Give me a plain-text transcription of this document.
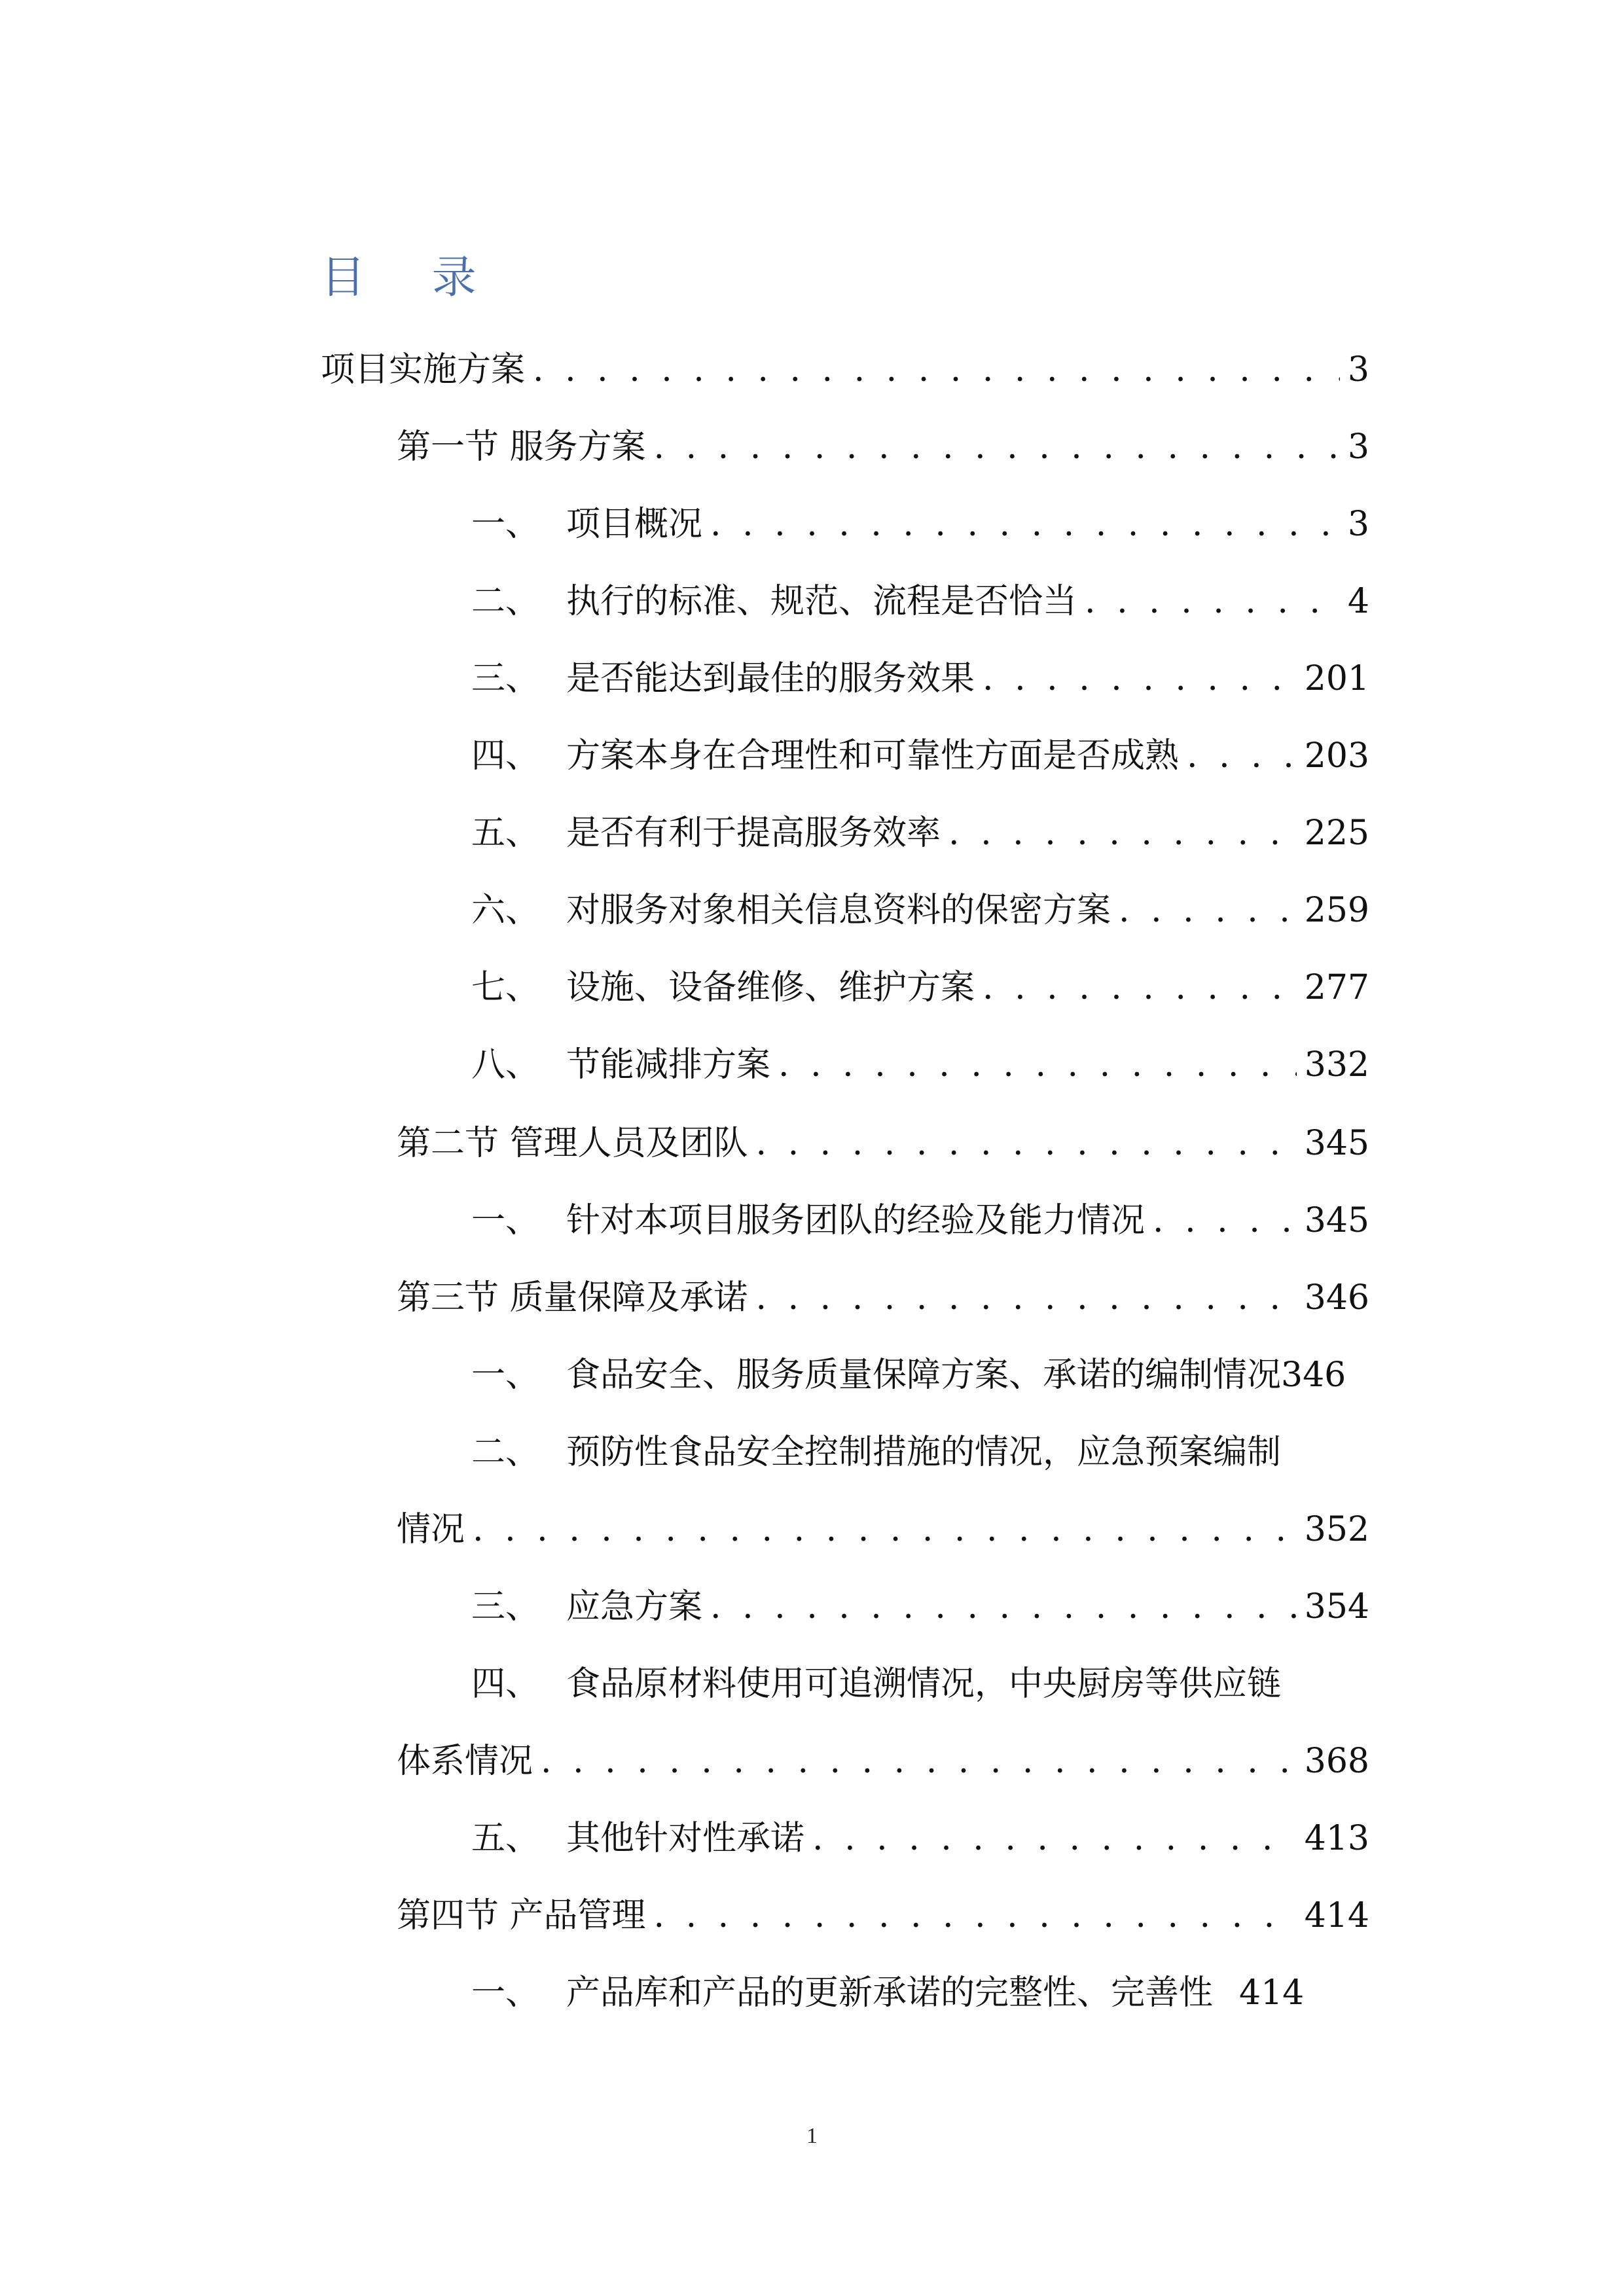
目 录
项目实施方案 . . .	3
第一节 服务方案 . . .	3
一、 项目概况 . . .	3
二、 执行的标准、规范、流程是否恰当 . . .	4
三、 是否能达到最佳的服务效果 . . .	201
四、 方案本身在合理性和可靠性方面是否成熟 . . .	203
五、 是否有利于提高服务效率 . . .	225
六、 对服务对象相关信息资料的保密方案 . . .	259
七、 设施、设备维修、维护方案 . . .	277
八、 节能减排方案 . . .	332
第二节 管理人员及团队 . . .	345
一、 针对本项目服务团队的经验及能力情况 . . .	345
第三节 质量保障及承诺 . . .	346
一、 食品安全、服务质量保障方案、承诺的编制情况 346
二、 预防性食品安全控制措施的情况，应急预案编制
情况 . . .	352
三、 应急方案 . . .	354
四、 食品原材料使用可追溯情况，中央厨房等供应链
体系情况 . . .	368
五、 其他针对性承诺 . . .	413
第四节 产品管理 . . .	414
一、 产品库和产品的更新承诺的完整性、完善性 414
1
